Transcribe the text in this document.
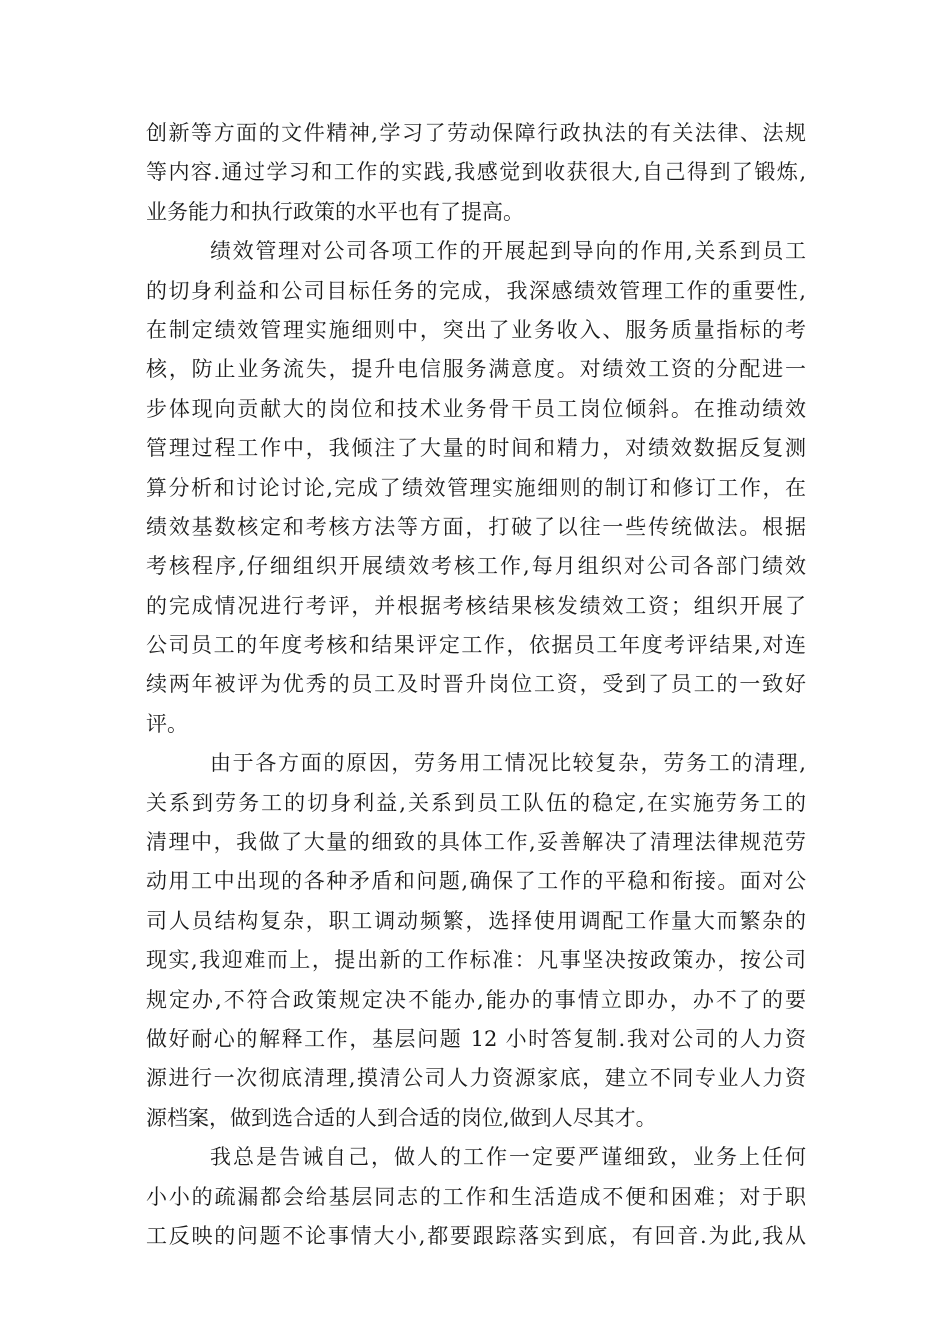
创新等方面的文件精神,学习了劳动保障行政执法的有关法律、法规
等内容.通过学习和工作的实践,我感觉到收获很大,自己得到了锻炼,
业务能力和执行政策的水平也有了提高。
绩效管理对公司各项工作的开展起到导向的作用,关系到员工
的切身利益和公司目标任务的完成，我深感绩效管理工作的重要性,
在制定绩效管理实施细则中，突出了业务收入、服务质量指标的考
核，防止业务流失，提升电信服务满意度。对绩效工资的分配进一
步体现向贡献大的岗位和技术业务骨干员工岗位倾斜。在推动绩效
管理过程工作中，我倾注了大量的时间和精力，对绩效数据反复测
算分析和讨论讨论,完成了绩效管理实施细则的制订和修订工作，在
绩效基数核定和考核方法等方面，打破了以往一些传统做法。根据
考核程序,仔细组织开展绩效考核工作,每月组织对公司各部门绩效
的完成情况进行考评，并根据考核结果核发绩效工资；组织开展了
公司员工的年度考核和结果评定工作，依据员工年度考评结果,对连
续两年被评为优秀的员工及时晋升岗位工资，受到了员工的一致好
评。
由于各方面的原因，劳务用工情况比较复杂，劳务工的清理,
关系到劳务工的切身利益,关系到员工队伍的稳定,在实施劳务工的
清理中，我做了大量的细致的具体工作,妥善解决了清理法律规范劳
动用工中出现的各种矛盾和问题,确保了工作的平稳和衔接。面对公
司人员结构复杂，职工调动频繁，选择使用调配工作量大而繁杂的
现实,我迎难而上，提出新的工作标准：凡事坚决按政策办，按公司
规定办,不符合政策规定决不能办,能办的事情立即办，办不了的要
做好耐心的解释工作，基层问题 12 小时答复制.我对公司的人力资
源进行一次彻底清理,摸清公司人力资源家底，建立不同专业人力资
源档案，做到选合适的人到合适的岗位,做到人尽其才。
我总是告诫自己，做人的工作一定要严谨细致，业务上任何
小小的疏漏都会给基层同志的工作和生活造成不便和困难；对于职
工反映的问题不论事情大小,都要跟踪落实到底，有回音.为此,我从
